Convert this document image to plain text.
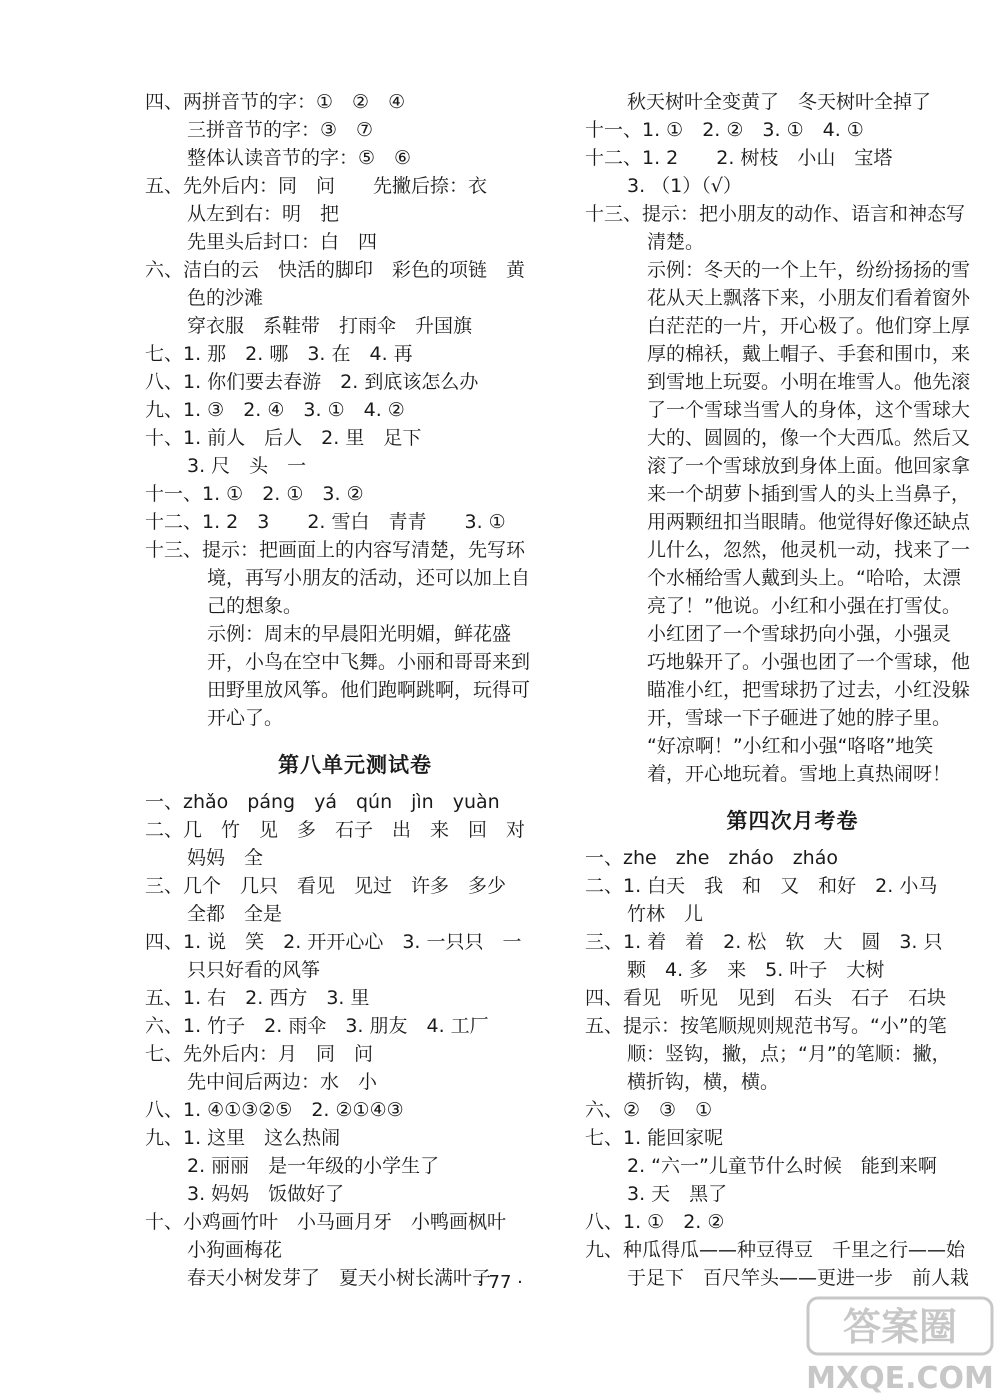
四、两拼音节的字：①　②　④
三拼音节的字：③　⑦
整体认读音节的字：⑤　⑥
五、先外后内：同　问　　先撇后捺：衣
从左到右：明　把
先里头后封口：白　四
六、洁白的云　快活的脚印　彩色的项链　黄
色的沙滩
穿衣服　系鞋带　打雨伞　升国旗
七、1. 那　2. 哪　3. 在　4. 再
八、1. 你们要去春游　2. 到底该怎么办
九、1. ③　2. ④　3. ①　4. ②
十、1. 前人　后人　2. 里　足下
3. 尺　头　一
十一、1. ①　2. ①　3. ②
十二、1. 2　3　　2. 雪白　青青　　3. ①
十三、提示：把画面上的内容写清楚，先写环
境，再写小朋友的活动，还可以加上自
己的想象。
示例：周末的早晨阳光明媚，鲜花盛
开，小鸟在空中飞舞。小丽和哥哥来到
田野里放风筝。他们跑啊跳啊，玩得可
开心了。
第八单元测试卷
一、zhǎo　páng　yá　qún　jìn　yuàn
二、几　竹　见　多　石子　出　来　回　对
妈妈　全
三、几个　几只　看见　见过　许多　多少
全都　全是
四、1. 说　笑　2. 开开心心　3. 一只只　一
只只好看的风筝
五、1. 右　2. 西方　3. 里
六、1. 竹子　2. 雨伞　3. 朋友　4. 工厂
七、先外后内：月　同　问
先中间后两边：水　小
八、1. ④①③②⑤　2. ②①④③
九、1. 这里　这么热闹
2. 丽丽　是一年级的小学生了
3. 妈妈　饭做好了
十、小鸡画竹叶　小马画月牙　小鸭画枫叶
小狗画梅花
春天小树发芽了　夏天小树长满叶子
秋天树叶全变黄了　冬天树叶全掉了
十一、1. ①　2. ②　3. ①　4. ①
十二、1. 2　　2. 树枝　小山　宝塔
3. （1）（√）
十三、提示：把小朋友的动作、语言和神态写
清楚。
示例：冬天的一个上午，纷纷扬扬的雪
花从天上飘落下来，小朋友们看着窗外
白茫茫的一片，开心极了。他们穿上厚
厚的棉袄，戴上帽子、手套和围巾，来
到雪地上玩耍。小明在堆雪人。他先滚
了一个雪球当雪人的身体，这个雪球大
大的、圆圆的，像一个大西瓜。然后又
滚了一个雪球放到身体上面。他回家拿
来一个胡萝卜插到雪人的头上当鼻子，
用两颗纽扣当眼睛。他觉得好像还缺点
儿什么，忽然，他灵机一动，找来了一
个水桶给雪人戴到头上。“哈哈，太漂
亮了！”他说。小红和小强在打雪仗。
小红团了一个雪球扔向小强，小强灵
巧地躲开了。小强也团了一个雪球，他
瞄准小红，把雪球扔了过去，小红没躲
开，雪球一下子砸进了她的脖子里。
“好凉啊！”小红和小强“咯咯”地笑
着，开心地玩着。雪地上真热闹呀！
第四次月考卷
一、zhe　zhe　zháo　zháo
二、1. 白天　我　和　又　和好　2. 小马
竹林　儿
三、1. 着　着　2. 松　软　大　圆　3. 只
颗　4. 多　来　5. 叶子　大树
四、看见　听见　见到　石头　石子　石块
五、提示：按笔顺规则规范书写。“小”的笔
顺：竖钩，撇，点；“月”的笔顺：撇，
横折钩，横，横。
六、②　③　①
七、1. 能回家呢
2. “六一”儿童节什么时候　能到来啊
3. 天　黑了
八、1. ①　2. ②
九、种瓜得瓜——种豆得豆　千里之行——始
于足下　百尺竿头——更进一步　前人栽
· 77 ·
答案圈
MXQE.COM
